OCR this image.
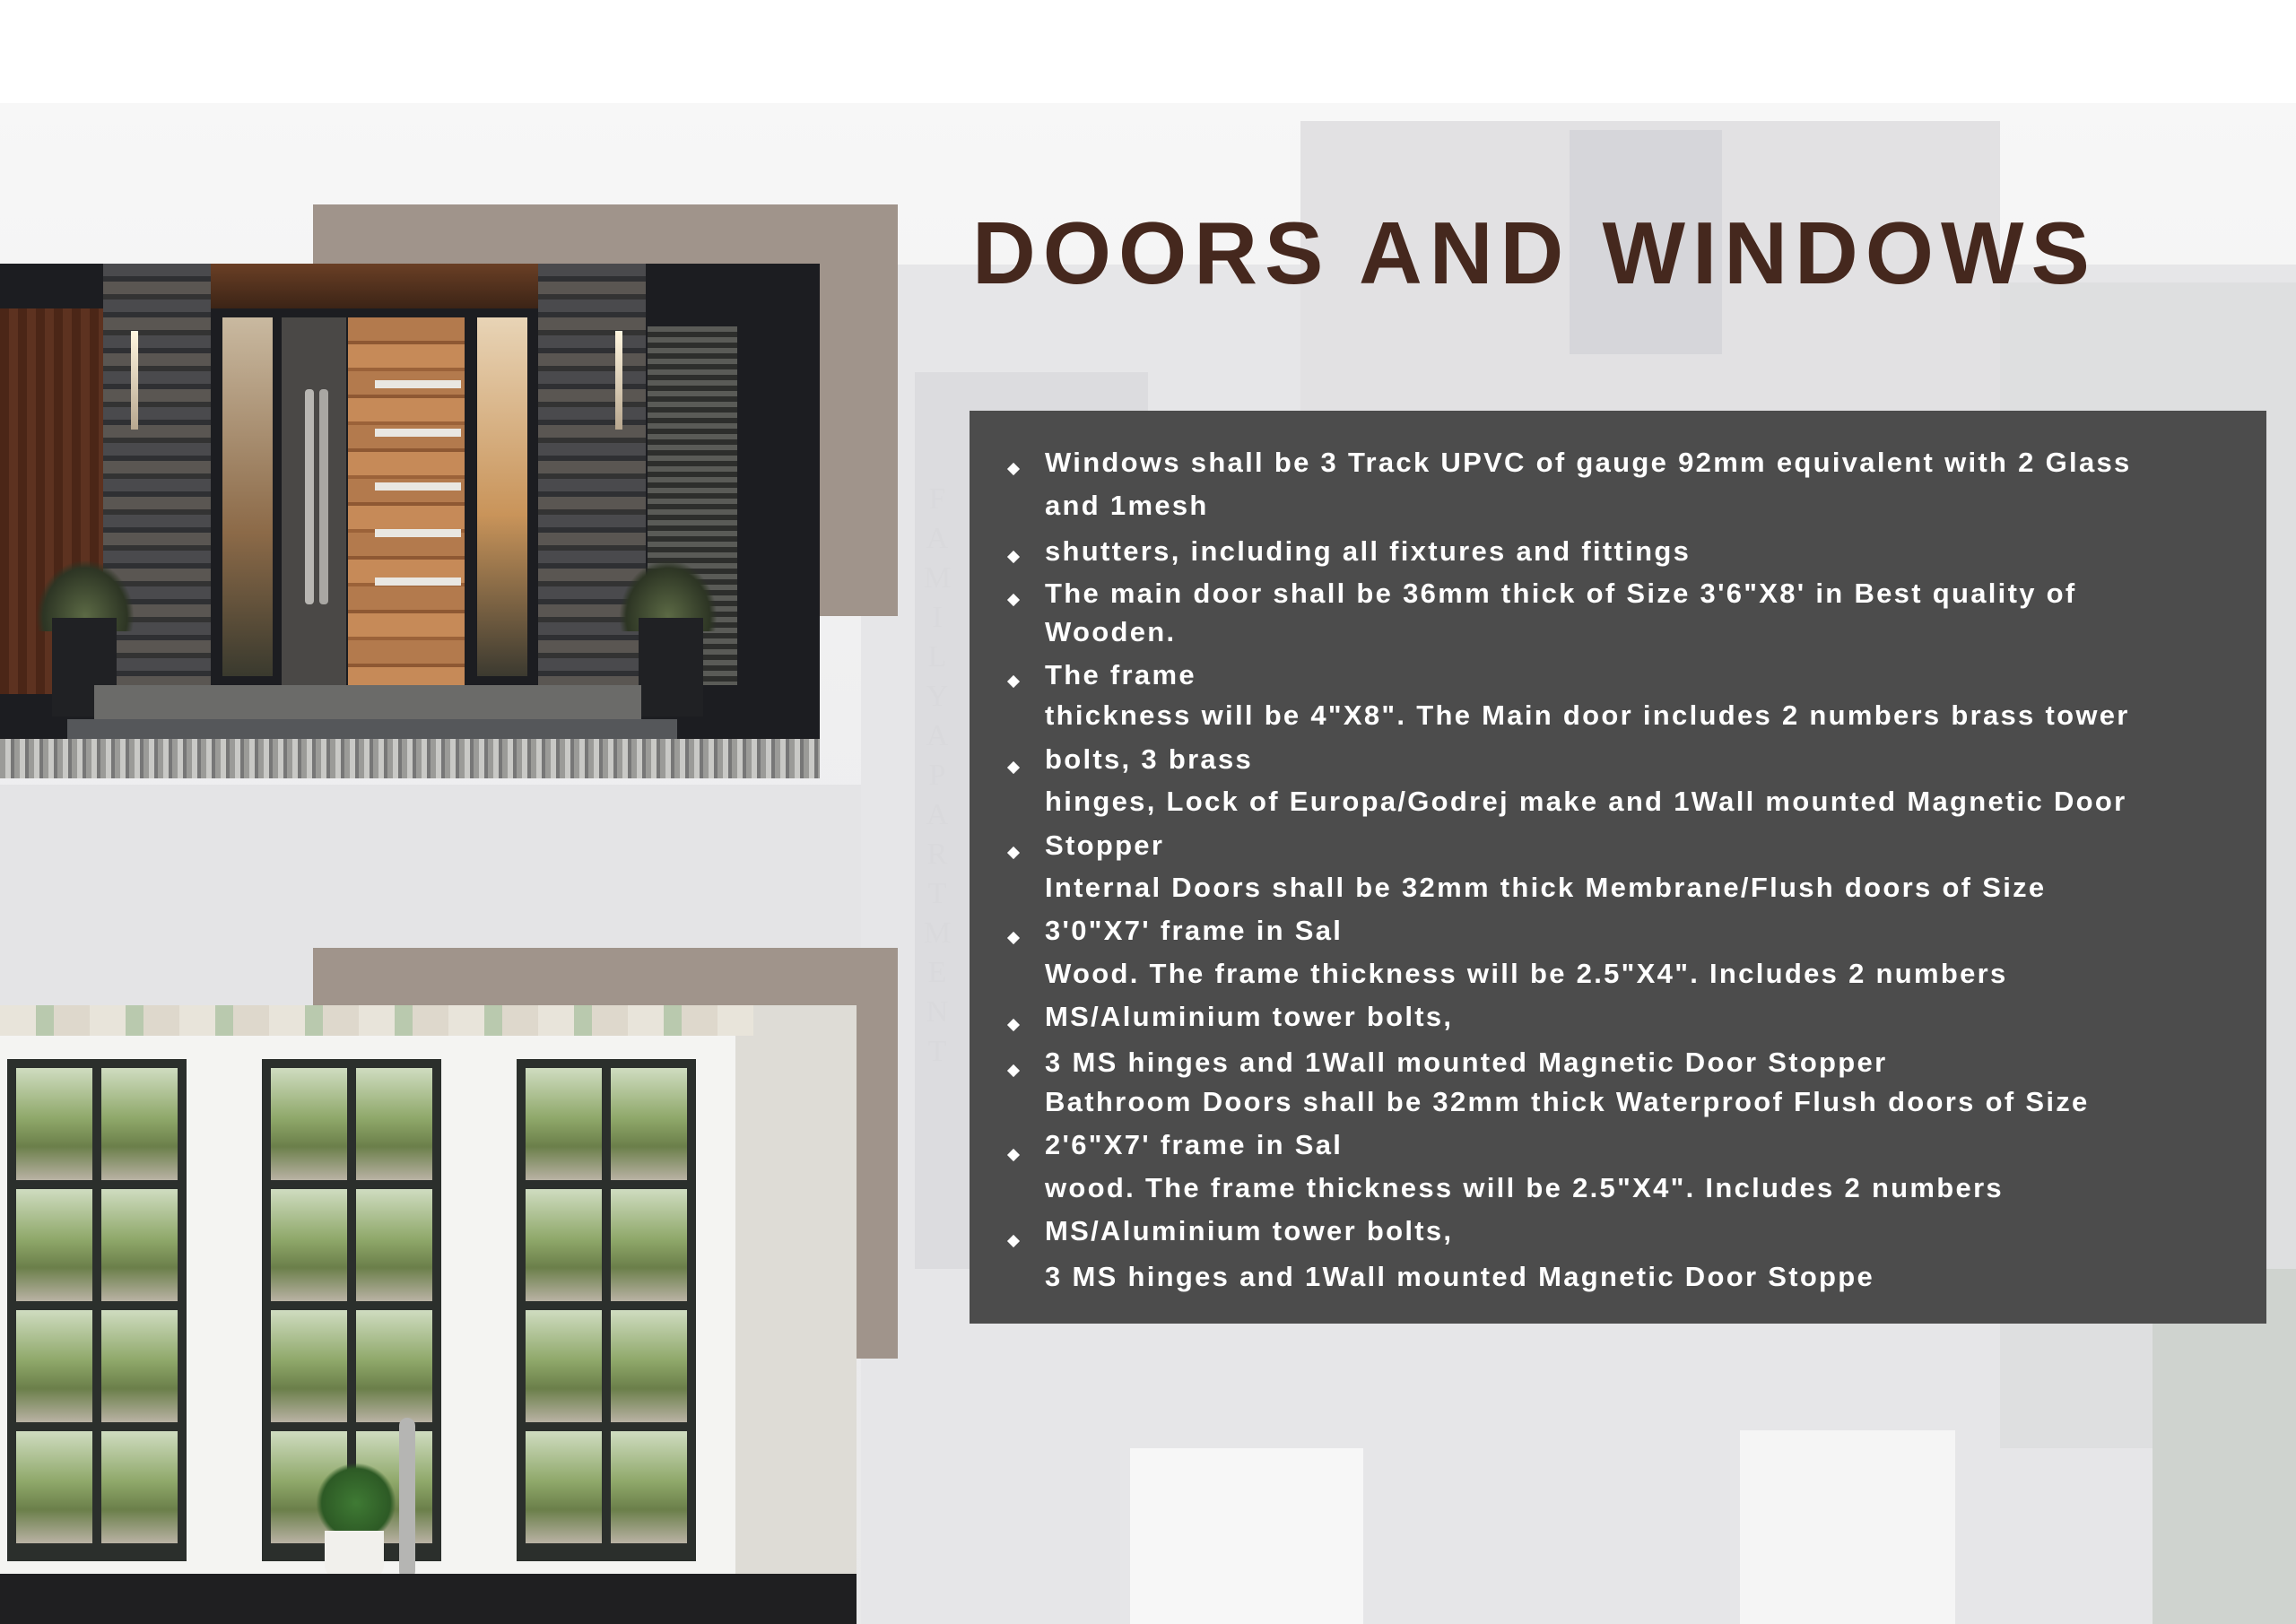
FAMILY APARTMENT
DOORS AND WINDOWS
Windows shall be 3 Track UPVC of gauge 92mm equivalent with 2 Glass
and 1mesh
shutters, including all fixtures and fittings
The main door shall be 36mm thick of Size 3'6"X8' in Best quality of
Wooden.
The frame
thickness will be 4"X8". The Main door includes 2 numbers brass tower
bolts, 3 brass
hinges, Lock of Europa/Godrej make and 1Wall mounted Magnetic Door
Stopper
Internal Doors shall be 32mm thick Membrane/Flush doors of Size
3'0"X7' frame in Sal
Wood. The frame thickness will be 2.5"X4". Includes 2 numbers
MS/Aluminium tower bolts,
3 MS hinges and 1Wall mounted Magnetic Door Stopper
Bathroom Doors shall be 32mm thick Waterproof Flush doors of Size
2'6"X7' frame in Sal
wood. The frame thickness will be 2.5"X4". Includes 2 numbers
MS/Aluminium tower bolts,
3 MS hinges and 1Wall mounted Magnetic Door Stoppe
